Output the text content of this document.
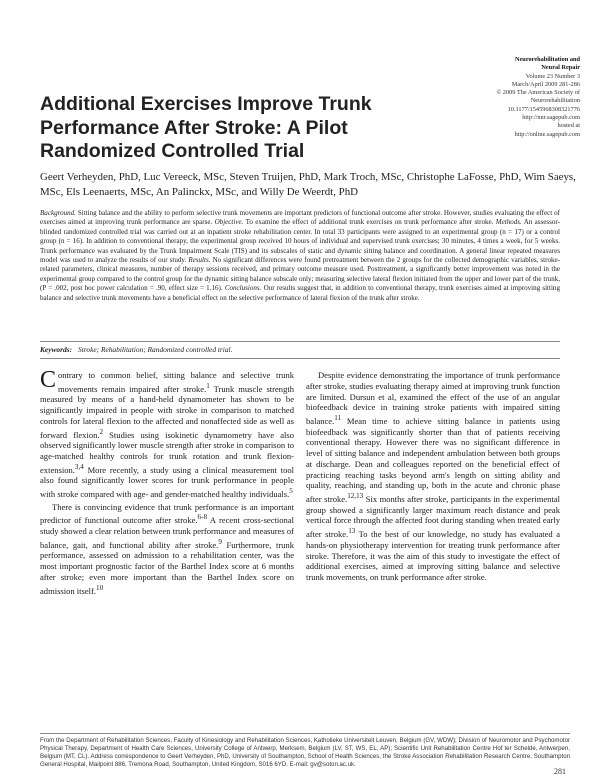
Neurorehabilitation and
Neural Repair
Volume 23 Number 3
March/April 2009 281-286
© 2009 The American Society of
Neurorehabilitation
10.1177/1545968308321776
http://nnr.sagepub.com
hosted at
http://online.sagepub.com
Additional Exercises Improve Trunk Performance After Stroke: A Pilot Randomized Controlled Trial
Geert Verheyden, PhD, Luc Vereeck, MSc, Steven Truijen, PhD, Mark Troch, MSc, Christophe LaFosse, PhD, Wim Saeys, MSc, Els Leenaerts, MSc, An Palinckx, MSc, and Willy De Weerdt, PhD
Background. Sitting balance and the ability to perform selective trunk movements are important predictors of functional outcome after stroke. However, studies evaluating the effect of exercises aimed at improving trunk performance are sparse. Objective. To examine the effect of additional trunk exercises on trunk performance after stroke. Methods. An assessor-blinded randomized controlled trial was carried out at an inpatient stroke rehabilitation center. In total 33 participants were assigned to an experimental group (n = 17) or a control group (n = 16). In addition to conventional therapy, the experimental group received 10 hours of individual and supervised trunk exercises; 30 minutes, 4 times a week, for 5 weeks. Trunk performance was evaluated by the Trunk Impairment Scale (TIS) and its subscales of static and dynamic sitting balance and coordination. A general linear repeated measures model was used to analyze the results of our study. Results. No significant differences were found pretreatment between the 2 groups for the collected demographic variables, stroke-related parameters, clinical measures, number of therapy sessions received, and primary outcome measure used. Posttreatment, a significantly better improvement was noted in the experimental group compared to the control group for the dynamic sitting balance subscale only; measuring selective lateral flexion initiated from the upper and lower part of the trunk, (P = .002, post hoc power calculation = .90, effect size = 1.16). Conclusions. Our results suggest that, in addition to conventional therapy, trunk exercises aimed at improving sitting balance and selective trunk movements have a beneficial effect on the selective performance of lateral flexion of the trunk after stroke.
Keywords: Stroke; Rehabilitation; Randomized controlled trial.

Contrary to common belief, sitting balance and selective trunk movements remain impaired after stroke.$^1$ Trunk muscle strength measured by means of a hand-held dynamometer has shown to be significantly impaired in people with stroke in comparison to matched controls for lateral flexion to the affected and nonaffected side as well as forward flexion.$^2$ Studies using isokinetic dynamometry have also observed significantly lower muscle strength after stroke in comparison to age-matched healthy controls for trunk rotation and trunk flexion-extension.$^{3,4}$ More recently, a study using a clinical measurement tool also found significantly lower scores for trunk performance in people with stroke compared with age- and gender-matched healthy individuals.$^5$

There is convincing evidence that trunk performance is an important predictor of functional outcome after stroke.$^{6-8}$ A recent cross-sectional study showed a clear relation between trunk performance and measures of balance, gait, and functional ability after stroke.$^9$ Furthermore, trunk performance, assessed on admission to a rehabilitation center, was the most important prognostic factor of the Barthel Index score at 6 months after stroke; even more important than the Barthel Index score on admission itself.$^{10}$

Despite evidence demonstrating the importance of trunk performance after stroke, studies evaluating therapy aimed at improving trunk function are limited. Dursun et al, examined the effect of the use of an angular biofeedback device in training stroke patients with impaired sitting balance.$^{11}$ Mean time to achieve sitting balance in patients using biofeedback was significantly shorter than that of patients receiving conventional therapy. However there was no significant difference in level of sitting balance and independent ambulation between both groups at discharge. Dean and colleagues reported on the beneficial effect of practicing reaching tasks beyond arm's length on sitting ability and quality, reaching, and standing up, both in the acute and chronic phase after stroke.$^{12,13}$ Six months after stroke, participants in the experimental group showed a significantly larger maximum reach distance and peak vertical force through the affected foot during standing when treated early after stroke.$^{13}$ To the best of our knowledge, no study has evaluated a hands-on physiotherapy intervention for treating trunk performance after stroke. Therefore, it was the aim of this study to investigate the effect of additional exercises, aimed at improving sitting balance and selective trunk movements, on trunk performance after stroke.

From the Department of Rehabilitation Sciences, Faculty of Kinesiology and Rehabilitation Sciences, Katholieke Universiteit Leuven, Belgium (GV, WDW); Division of Neuromotor and Psychomotor Physical Therapy, Department of Health Care Sciences, University College of Antwerp, Merksem, Belgium (LV, ST, WS, EL, AP); Scientific Unit Rehabilitation Centre Hof ter Schelde, Antwerpen, Belgium (MT, CL). Address correspondence to Geert Verheyden, PhD, University of Southampton, School of Health Sciences, the Stroke Association Rehabilitation Research Centre, Southampton General Hospital, Mailpoint 886, Tremona Road, Southampton, United Kingdom, S016 6YD. E-mail: gv@soton.ac.uk.
281
